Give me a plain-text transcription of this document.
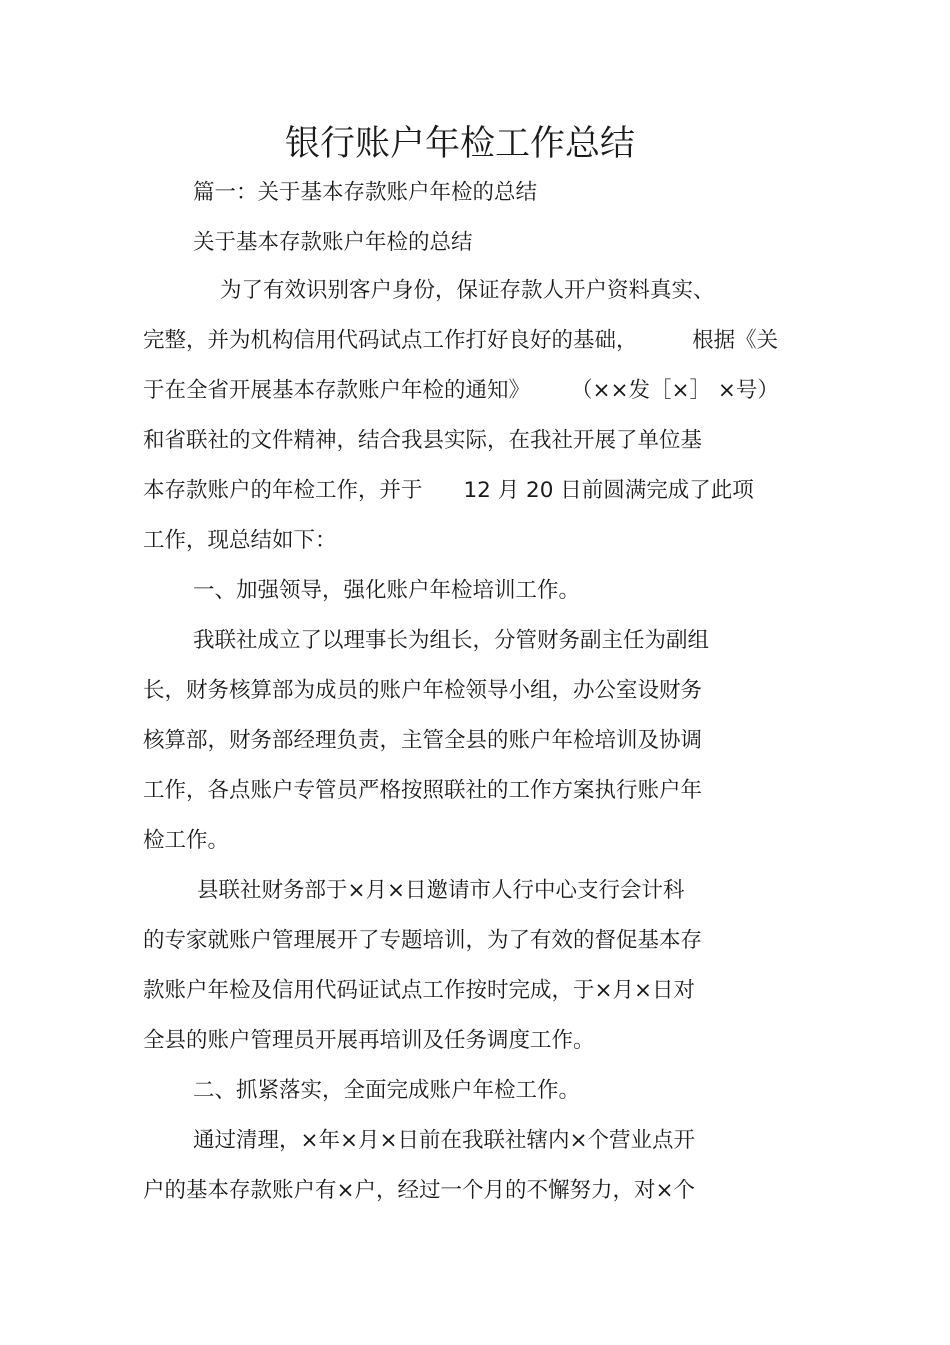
银行账户年检工作总结
篇一：关于基本存款账户年检的总结
关于基本存款账户年检的总结
为了有效识别客户身份，保证存款人开户资料真实、
完整，并为机构信用代码试点工作打好良好的基础，        根据《关
于在全省开展基本存款账户年检的通知》      （××发［×］ ×号）
和省联社的文件精神，结合我县实际，在我社开展了单位基
本存款账户的年检工作，并于      12 月 20 日前圆满完成了此项
工作，现总结如下：
一、加强领导，强化账户年检培训工作。
我联社成立了以理事长为组长，分管财务副主任为副组
长，财务核算部为成员的账户年检领导小组，办公室设财务
核算部，财务部经理负责，主管全县的账户年检培训及协调
工作，各点账户专管员严格按照联社的工作方案执行账户年
检工作。
县联社财务部于×月×日邀请市人行中心支行会计科
的专家就账户管理展开了专题培训，为了有效的督促基本存
款账户年检及信用代码证试点工作按时完成，于×月×日对
全县的账户管理员开展再培训及任务调度工作。
二、抓紧落实，全面完成账户年检工作。
通过清理，×年×月×日前在我联社辖内×个营业点开
户的基本存款账户有×户，经过一个月的不懈努力，对×个
